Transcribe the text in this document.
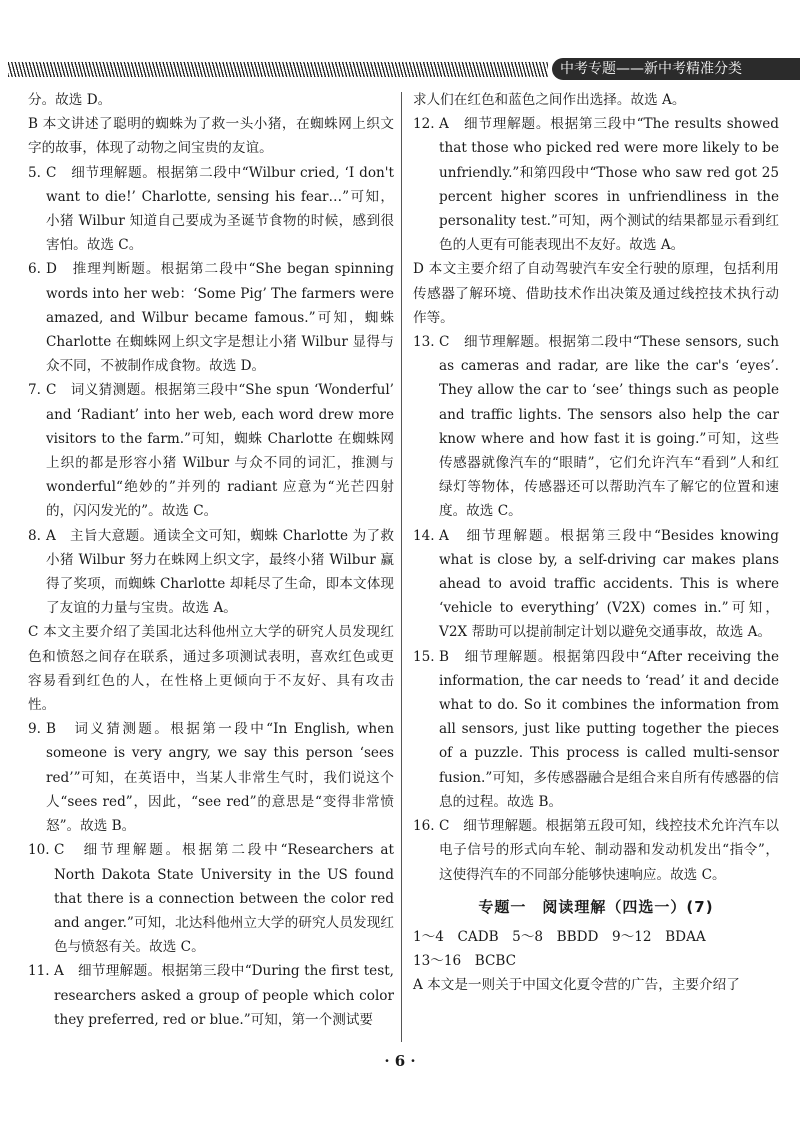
中考专题——新中考精准分类

分。故选 D。

B 本文讲述了聪明的蜘蛛为了救一头小猪，在蜘蛛网上织文字的故事，体现了动物之间宝贵的友谊。

5. C　细节理解题。根据第二段中“Wilbur cried, ‘I don't want to die!’ Charlotte, sensing his fear…”可知，小猪 Wilbur 知道自己要成为圣诞节食物的时候，感到很害怕。故选 C。

6. D　推理判断题。根据第二段中“She began spinning words into her web：‘Some Pig’ The farmers were amazed, and Wilbur became famous.”可知，蜘蛛 Charlotte 在蜘蛛网上织文字是想让小猪 Wilbur 显得与众不同，不被制作成食物。故选 D。

7. C　词义猜测题。根据第三段中“She spun ‘Wonderful’ and ‘Radiant’ into her web, each word drew more visitors to the farm.”可知，蜘蛛 Charlotte 在蜘蛛网上织的都是形容小猪 Wilbur 与众不同的词汇，推测与 wonderful“绝妙的”并列的 radiant 应意为“光芒四射的，闪闪发光的”。故选 C。

8. A　主旨大意题。通读全文可知，蜘蛛 Charlotte 为了救小猪 Wilbur 努力在蛛网上织文字，最终小猪 Wilbur 赢得了奖项，而蜘蛛 Charlotte 却耗尽了生命，即本文体现了友谊的力量与宝贵。故选 A。

C 本文主要介绍了美国北达科他州立大学的研究人员发现红色和愤怒之间存在联系，通过多项测试表明，喜欢红色或更容易看到红色的人，在性格上更倾向于不友好、具有攻击性。

9. B　词义猜测题。根据第一段中“In English, when someone is very angry, we say this person ‘sees red’”可知，在英语中，当某人非常生气时，我们说这个人“sees red”，因此，“see red”的意思是“变得非常愤怒”。故选 B。

10. C　细节理解题。根据第二段中“Researchers at North Dakota State University in the US found that there is a connection between the color red and anger.”可知，北达科他州立大学的研究人员发现红色与愤怒有关。故选 C。

11. A　细节理解题。根据第三段中“During the first test, researchers asked a group of people which color they preferred, red or blue.”可知，第一个测试要

求人们在红色和蓝色之间作出选择。故选 A。

12. A　细节理解题。根据第三段中“The results showed that those who picked red were more likely to be unfriendly.”和第四段中“Those who saw red got 25 percent higher scores in unfriendliness in the personality test.”可知，两个测试的结果都显示看到红色的人更有可能表现出不友好。故选 A。

D 本文主要介绍了自动驾驶汽车安全行驶的原理，包括利用传感器了解环境、借助技术作出决策及通过线控技术执行动作等。

13. C　细节理解题。根据第二段中“These sensors, such as cameras and radar, are like the car's ‘eyes’. They allow the car to ‘see’ things such as people and traffic lights. The sensors also help the car know where and how fast it is going.”可知，这些传感器就像汽车的“眼睛”，它们允许汽车“看到”人和红绿灯等物体，传感器还可以帮助汽车了解它的位置和速度。故选 C。

14. A　细节理解题。根据第三段中“Besides knowing what is close by, a self-driving car makes plans ahead to avoid traffic accidents. This is where ‘vehicle to everything’ (V2X) comes in.”可知，V2X 帮助可以提前制定计划以避免交通事故，故选 A。

15. B　细节理解题。根据第四段中“After receiving the information, the car needs to ‘read’ it and decide what to do. So it combines the information from all sensors, just like putting together the pieces of a puzzle. This process is called multi-sensor fusion.”可知，多传感器融合是组合来自所有传感器的信息的过程。故选 B。

16. C　细节理解题。根据第五段可知，线控技术允许汽车以电子信号的形式向车轮、制动器和发动机发出“指令”，这使得汽车的不同部分能够快速响应。故选 C。

专题一　阅读理解（四选一）(7)

1～4　CADB　5～8　BBDD　9～12　BDAA

13～16　BCBC

A 本文是一则关于中国文化夏令营的广告，主要介绍了

· 6 ·
